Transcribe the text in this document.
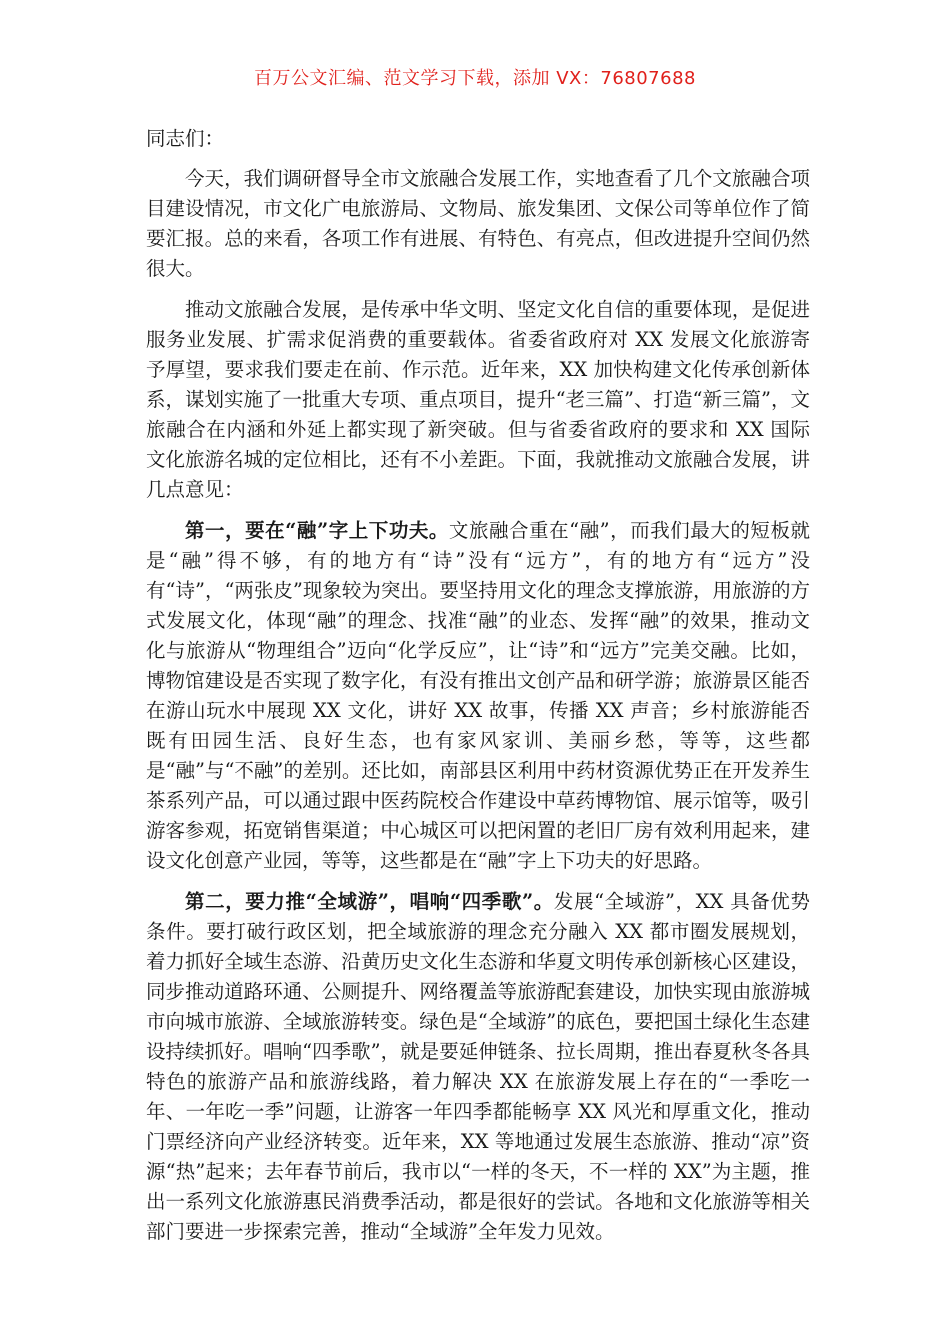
百万公文汇编、范文学习下载，添加 VX：76807688

同志们：

今天，我们调研督导全市文旅融合发展工作，实地查看了几个文旅融合项目建设情况，市文化广电旅游局、文物局、旅发集团、文保公司等单位作了简要汇报。总的来看，各项工作有进展、有特色、有亮点，但改进提升空间仍然很大。

推动文旅融合发展，是传承中华文明、坚定文化自信的重要体现，是促进服务业发展、扩需求促消费的重要载体。省委省政府对 XX 发展文化旅游寄予厚望，要求我们要走在前、作示范。近年来，XX 加快构建文化传承创新体系，谋划实施了一批重大专项、重点项目，提升“老三篇”、打造“新三篇”，文旅融合在内涵和外延上都实现了新突破。但与省委省政府的要求和 XX 国际文化旅游名城的定位相比，还有不小差距。下面，我就推动文旅融合发展，讲几点意见：

第一，要在“融”字上下功夫。文旅融合重在“融”，而我们最大的短板就是“融”得不够，有的地方有“诗”没有“远方”，有的地方有“远方”没有“诗”，“两张皮”现象较为突出。要坚持用文化的理念支撑旅游，用旅游的方式发展文化，体现“融”的理念、找准“融”的业态、发挥“融”的效果，推动文化与旅游从“物理组合”迈向“化学反应”，让“诗”和“远方”完美交融。比如，博物馆建设是否实现了数字化，有没有推出文创产品和研学游；旅游景区能否在游山玩水中展现 XX 文化，讲好 XX 故事，传播 XX 声音；乡村旅游能否既有田园生活、良好生态，也有家风家训、美丽乡愁，等等，这些都是“融”与“不融”的差别。还比如，南部县区利用中药材资源优势正在开发养生茶系列产品，可以通过跟中医药院校合作建设中草药博物馆、展示馆等，吸引游客参观，拓宽销售渠道；中心城区可以把闲置的老旧厂房有效利用起来，建设文化创意产业园，等等，这些都是在“融”字上下功夫的好思路。

第二，要力推“全域游”，唱响“四季歌”。发展“全域游”，XX 具备优势条件。要打破行政区划，把全域旅游的理念充分融入 XX 都市圈发展规划，着力抓好全域生态游、沿黄历史文化生态游和华夏文明传承创新核心区建设，同步推动道路环通、公厕提升、网络覆盖等旅游配套建设，加快实现由旅游城市向城市旅游、全域旅游转变。绿色是“全域游”的底色，要把国土绿化生态建设持续抓好。唱响“四季歌”，就是要延伸链条、拉长周期，推出春夏秋冬各具特色的旅游产品和旅游线路，着力解决 XX 在旅游发展上存在的“一季吃一年、一年吃一季”问题，让游客一年四季都能畅享 XX 风光和厚重文化，推动门票经济向产业经济转变。近年来，XX 等地通过发展生态旅游、推动“凉”资源“热”起来；去年春节前后，我市以“一样的冬天，不一样的 XX”为主题，推出一系列文化旅游惠民消费季活动，都是很好的尝试。各地和文化旅游等相关部门要进一步探索完善，推动“全域游”全年发力见效。
